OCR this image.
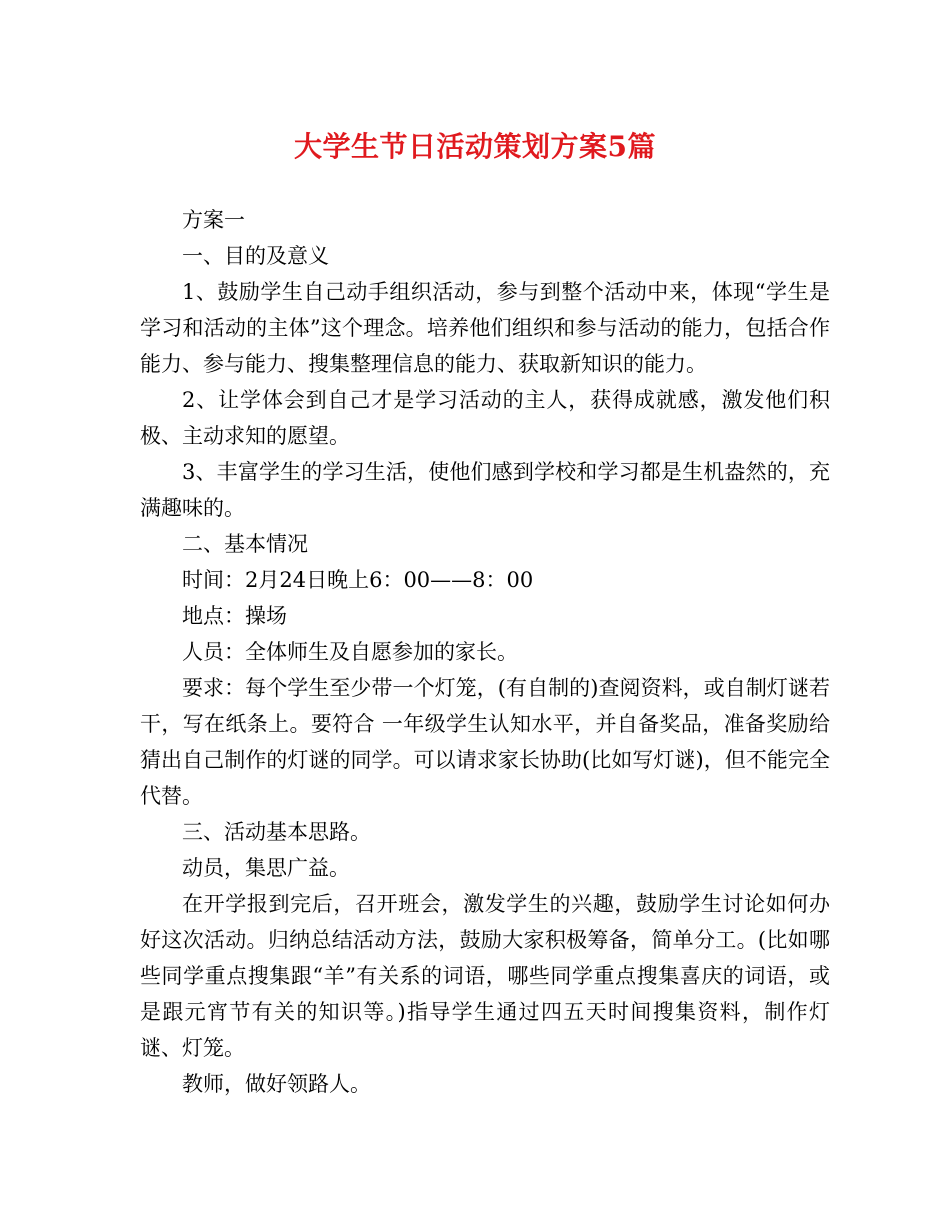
大学生节日活动策划方案5篇

方案一

一、目的及意义

1、鼓励学生自己动手组织活动，参与到整个活动中来，体现“学生是学习和活动的主体”这个理念。培养他们组织和参与活动的能力，包括合作能力、参与能力、搜集整理信息的能力、获取新知识的能力。

2、让学体会到自己才是学习活动的主人，获得成就感，激发他们积极、主动求知的愿望。

3、丰富学生的学习生活，使他们感到学校和学习都是生机盎然的，充满趣味的。

二、基本情况

时间：2月24日晚上6：00——8：00

地点：操场

人员：全体师生及自愿参加的家长。

要求：每个学生至少带一个灯笼，(有自制的)查阅资料，或自制灯谜若干，写在纸条上。要符合 一年级学生认知水平，并自备奖品，准备奖励给猜出自己制作的灯谜的同学。可以请求家长协助(比如写灯谜)，但不能完全代替。

三、活动基本思路。

动员，集思广益。

在开学报到完后，召开班会，激发学生的兴趣，鼓励学生讨论如何办好这次活动。归纳总结活动方法，鼓励大家积极筹备，简单分工。(比如哪些同学重点搜集跟“羊”有关系的词语，哪些同学重点搜集喜庆的词语，或是跟元宵节有关的知识等。)指导学生通过四五天时间搜集资料，制作灯谜、灯笼。

教师，做好领路人。
